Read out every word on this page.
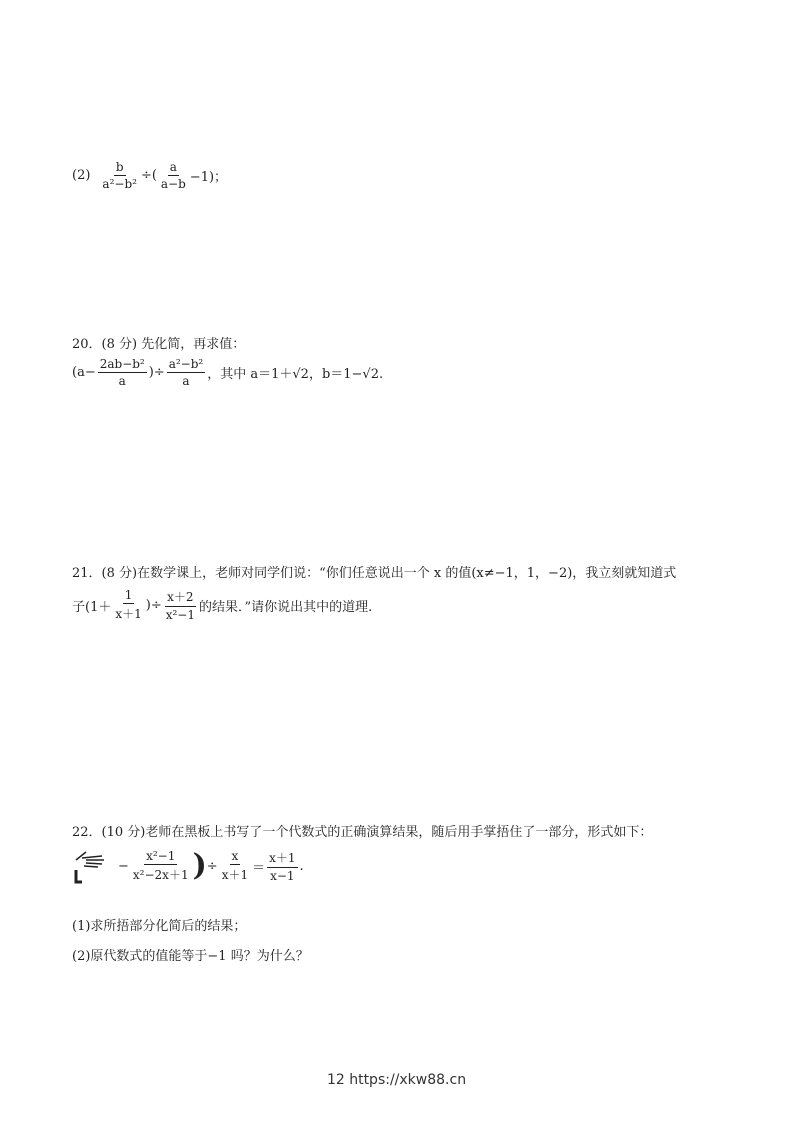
$(2) \frac{b}{\text{a²−b²}}$ ÷( $\frac{a}{a-b} -1$)；
20．(8 分) 先化简，再求值：
($a- \frac{\text{2ab−b²}}{a}$ )÷ $\frac{\text{a²−b²}}{a}$ ，其中 a＝1＋√2，b＝1−√2.
21．(8 分)在数学课上，老师对同学们说：“你们任意说出一个 x 的值(x≠−1，1，−2)，我立刻就知道式
子($1+ \frac{1}{x+1}$ )÷ $\frac{x+2}{\text{x²−1}}$ 的结果．”请你说出其中的道理.
22．(10 分)老师在黑板上书写了一个代数式的正确演算结果，随后用手掌捂住了一部分，形式如下：
− $\frac{\text{x²−1}}{\text{x²−2x＋1}}$ ) ÷ $\frac{x}{x+1} = \frac{x+1}{x-1}$ .
(1)求所捂部分化简后的结果；
(2)原代数式的值能等于−1 吗？为什么？
12 https://xkw88.cn
